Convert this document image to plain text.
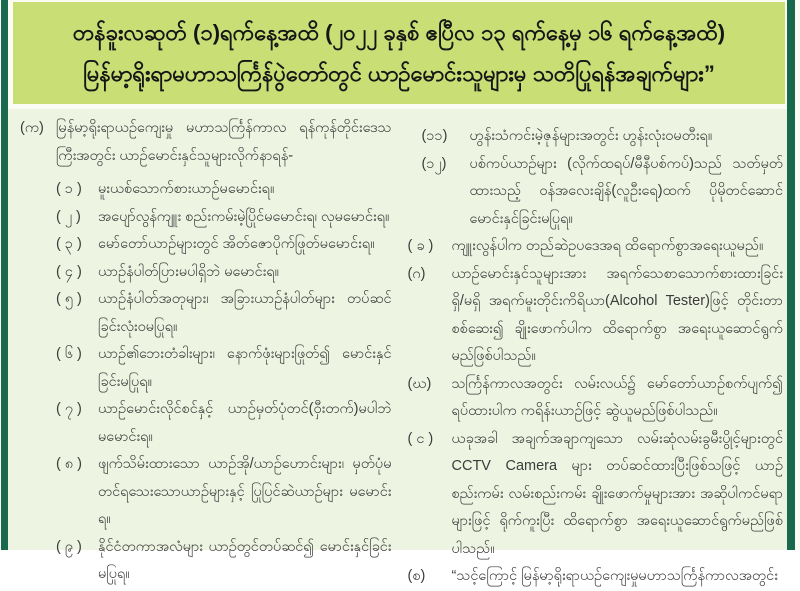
တန်ခူးလဆုတ် (၁)ရက်နေ့အထိ (၂၀၂၂ ခုနှစ် ဧပြီလ ၁၃ ရက်နေ့မှ ၁၆ ရက်နေ့အထိ)
မြန်မာ့ရိုးရာမဟာသင်္ကြန်ပွဲတော်တွင် ယာဉ်မောင်းသူများမှ သတိပြုရန်အချက်များ”
(က) မြန်မာ့ရိုးရာယဉ်ကျေးမှု မဟာသင်္ကြန်ကာလ ရန်ကုန်တိုင်းဒေသကြီးအတွင်း ယာဉ်မောင်းနှင်သူများလိုက်နာရန်-
( ၁ )	မူးယစ်သောက်စားယာဉ်မမောင်းရ။
( ၂ )	အပျော်လွန်ကျူး စည်းကမ်းမဲ့ပြိုင်မမောင်းရ၊ လုမမောင်းရ။
( ၃ )	မော်တော်ယာဉ်များတွင် အိတ်ဇောပိုက်ဖြုတ်မမောင်းရ။
( ၄ )	ယာဉ်နံပါတ်ပြားမပါရှိဘဲ မမောင်းရ။
( ၅ )	ယာဉ်နံပါတ်အတုများ၊ အခြားယာဉ်နံပါတ်များ တပ်ဆင်ခြင်းလုံးဝမပြုရ။
( ၆ )	ယာဉ်၏ဘေးတံခါးများ၊ နောက်ဖုံးများဖြုတ်၍ မောင်းနှင်ခြင်းမပြုရ။
( ၇ )	ယာဉ်မောင်းလိုင်စင်နှင့် ယာဉ်မှတ်ပုံတင်(ဝှီးတက်)မပါဘဲ မမောင်းရ။
( ၈ )	ဖျက်သိမ်းထားသော ယာဉ်အို/ယာဉ်ဟောင်းများ၊ မှတ်ပုံမတင်ရသေးသောယာဉ်များနှင့် ပြုပြင်ဆဲယာဉ်များ မမောင်းရ။
( ၉ )	နိုင်ငံတကာအလံများ ယာဉ်တွင်တပ်ဆင်၍ မောင်းနှင်ခြင်းမပြုရ။
(၁၁)	ဟွန်းသံကင်းမဲ့ဇုန်များအတွင်း ဟွန်းလုံးဝမတီးရ။
(၁၂)	ပစ်ကပ်ယာဉ်များ (လိုက်ထရပ်/မီနီပစ်ကပ်)သည် သတ်မှတ်ထားသည့် ဝန်အလေးချိန်(လူဦးရေ)ထက် ပိုမိုတင်ဆောင်မောင်းနှင်ခြင်းမပြုရ။
( ခ )	ကျူးလွန်ပါက တည်ဆဲဥပဒေအရ ထိရောက်စွာအရေးယူမည်။
(ဂ)	ယာဉ်မောင်းနှင်သူများအား အရက်သေစာသောက်စားထားခြင်း ရှိ/မရှိ အရက်မူးတိုင်းကိရိယာ(Alcohol Tester)ဖြင့် တိုင်းတာစစ်ဆေး၍ ချိုးဖောက်ပါက ထိရောက်စွာ အရေးယူဆောင်ရွက်မည်ဖြစ်ပါသည်။
(ဃ)	သင်္ကြန်ကာလအတွင်း လမ်းလယ်၌ မော်တော်ယာဉ်စက်ပျက်၍ ရပ်ထားပါက ကရိန်းယာဉ်ဖြင့် ဆွဲယူမည်ဖြစ်ပါသည်။
( င )	ယခုအခါ အချက်အချာကျသော လမ်းဆုံလမ်းခွမီးပွိုင့်များတွင် CCTV Camera များ တပ်ဆင်ထားပြီးဖြစ်သဖြင့် ယာဉ်စည်းကမ်း လမ်းစည်းကမ်း ချိုးဖောက်မှုများအား အဆိုပါကင်မရာများဖြင့် ရိုက်ကူးပြီး ထိရောက်စွာ အရေးယူဆောင်ရွက်မည်ဖြစ်ပါသည်။
(စ)	“သင့်ကြောင့် မြန်မာ့ရိုးရာယဉ်ကျေးမှုမဟာသင်္ကြန်ကာလအတွင်း
